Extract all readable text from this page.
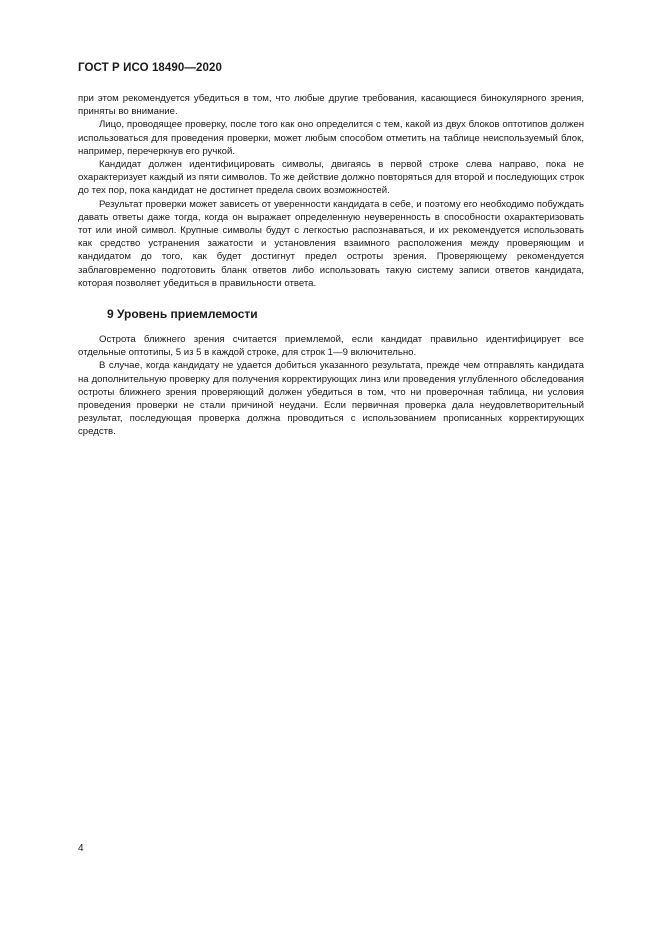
ГОСТ Р ИСО 18490—2020

при этом рекомендуется убедиться в том, что любые другие требования, касающиеся бинокулярного зрения, приняты во внимание.

Лицо, проводящее проверку, после того как оно определится с тем, какой из двух блоков оптотипов должен использоваться для проведения проверки, может любым способом отметить на таблице неиспользуемый блок, например, перечеркнув его ручкой.

Кандидат должен идентифицировать символы, двигаясь в первой строке слева направо, пока не охарактеризует каждый из пяти символов. То же действие должно повторяться для второй и последующих строк до тех пор, пока кандидат не достигнет предела своих возможностей.

Результат проверки может зависеть от уверенности кандидата в себе, и поэтому его необходимо побуждать давать ответы даже тогда, когда он выражает определенную неуверенность в способности охарактеризовать тот или иной символ. Крупные символы будут с легкостью распознаваться, и их рекомендуется использовать как средство устранения зажатости и установления взаимного расположения между проверяющим и кандидатом до того, как будет достигнут предел остроты зрения. Проверяющему рекомендуется заблаговременно подготовить бланк ответов либо использовать такую систему записи ответов кандидата, которая позволяет убедиться в правильности ответа.

9 Уровень приемлемости

Острота ближнего зрения считается приемлемой, если кандидат правильно идентифицирует все отдельные оптотипы, 5 из 5 в каждой строке, для строк 1—9 включительно.

В случае, когда кандидату не удается добиться указанного результата, прежде чем отправлять кандидата на дополнительную проверку для получения корректирующих линз или проведения углубленного обследования остроты ближнего зрения проверяющий должен убедиться в том, что ни проверочная таблица, ни условия проведения проверки не стали причиной неудачи. Если первичная проверка дала неудовлетворительный результат, последующая проверка должна проводиться с использованием прописанных корректирующих средств.

4
